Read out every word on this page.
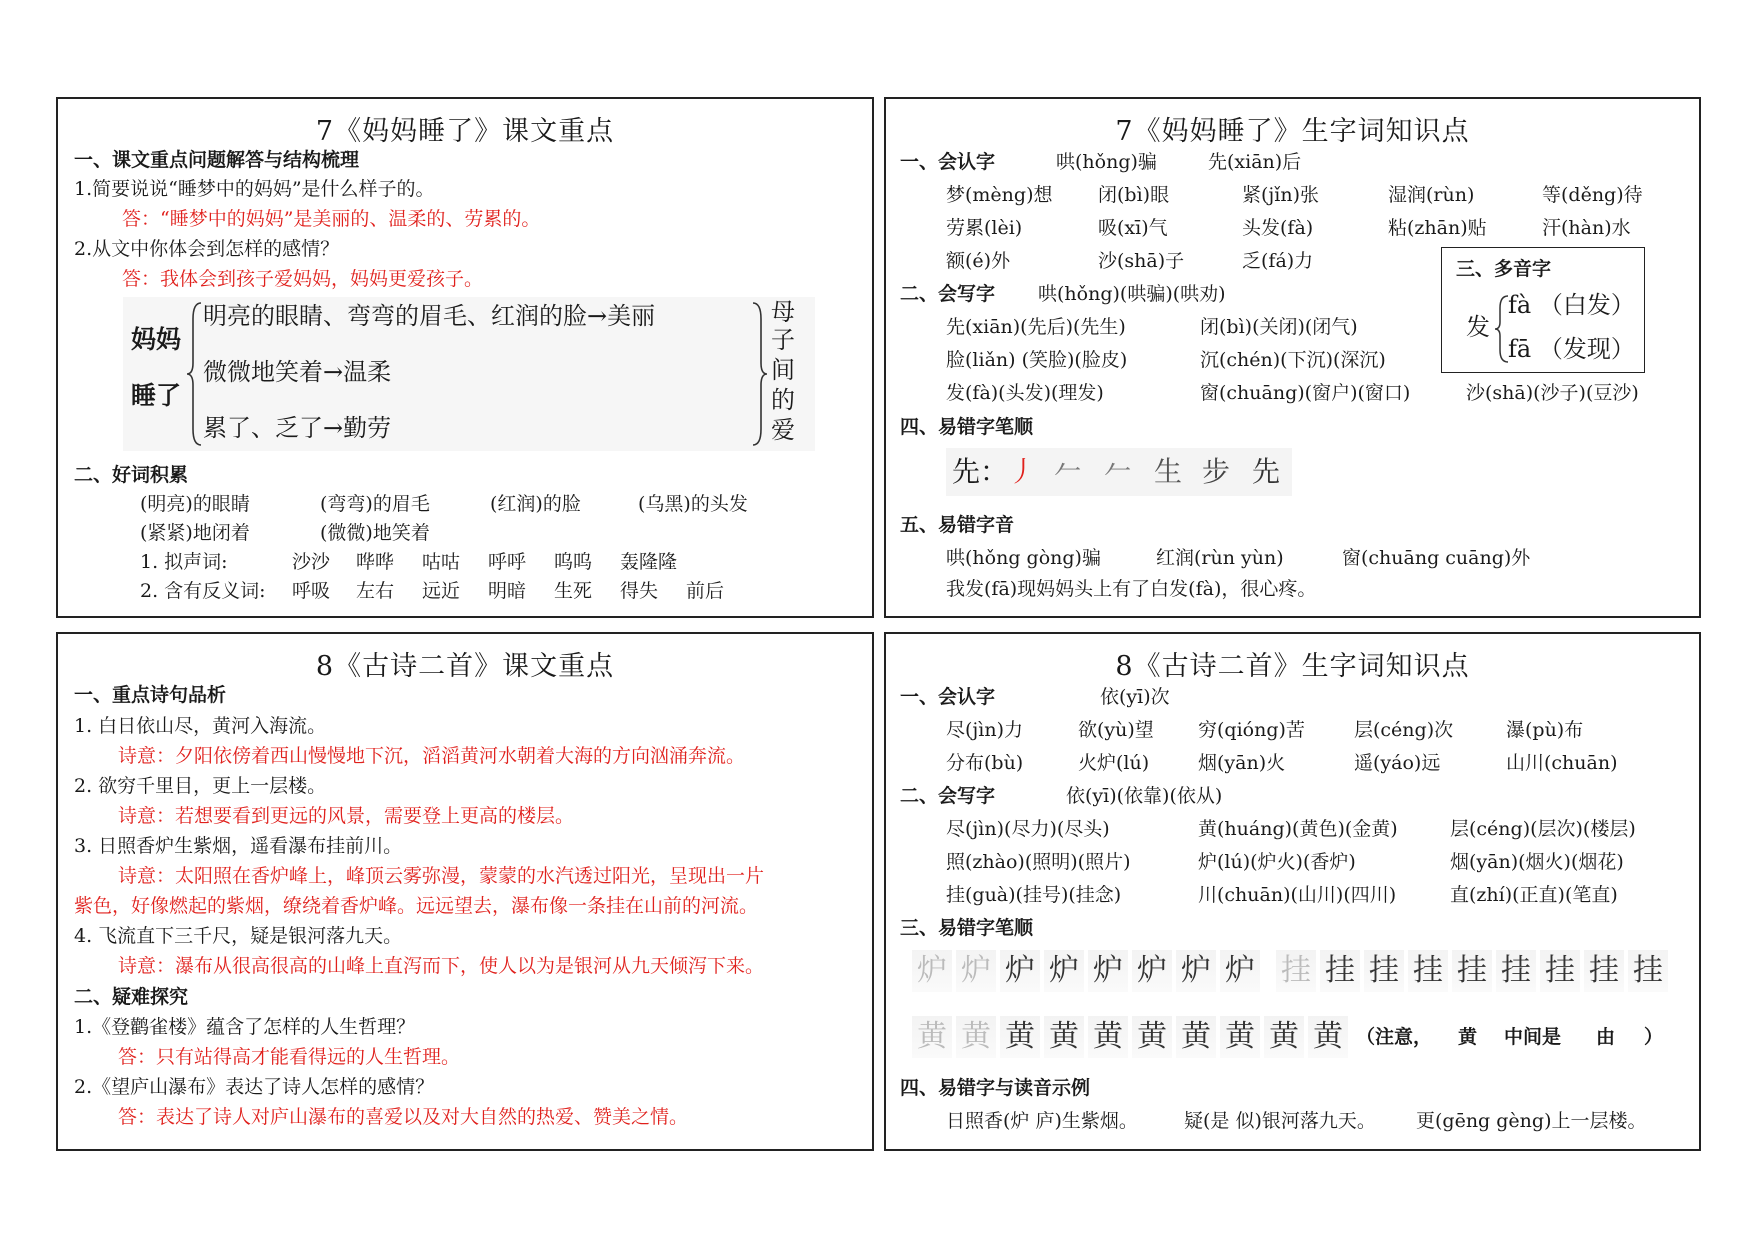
7《妈妈睡了》课文重点
一、课文重点问题解答与结构梳理
1.简要说说“睡梦中的妈妈”是什么样子的。
答：“睡梦中的妈妈”是美丽的、温柔的、劳累的。
2.从文中你体会到怎样的感情？
答：我体会到孩子爱妈妈，妈妈更爱孩子。
妈妈
睡了
明亮的眼睛、弯弯的眉毛、红润的脸→美丽
微微地笑着→温柔
累了、乏了→勤劳
母
子
间
的
爱
二、好词积累
(明亮)的眼睛	(弯弯)的眉毛	(红润)的脸	(乌黑)的头发
(紧紧)地闭着	(微微)地笑着
1. 拟声词:	沙沙 哗哗 咕咕 呼呼 呜呜 轰隆隆
2. 含有反义词: 呼吸 左右 远近 明暗 生死 得失 前后
7《妈妈睡了》生字词知识点
一、会认字	哄(hǒng)骗	先(xiān)后
梦(mèng)想 闭(bì)眼	紧(jǐn)张	湿润(rùn)	等(děng)待
劳累(lèi)	吸(xī)气	头发(fà)	粘(zhān)贴	汗(hàn)水
额(é)外	沙(shā)子	乏(fá)力
二、会写字 哄(hǒng)(哄骗)(哄劝)
先(xiān)(先后)(先生)	闭(bì)(关闭)(闭气)
脸(liǎn) (笑脸)(脸皮)	沉(chén)(下沉)(深沉)
发(fà)(头发)(理发)	窗(chuāng)(窗户)(窗口)	沙(shā)(沙子)(豆沙)
三、多音字
发
fà （白发）
fā （发现）
四、易错字笔顺
先： 丿 𠂉 𠂉 生 步 先
五、易错字音
哄(hǒng gòng)骗	红润(rùn yùn)	窗(chuāng cuāng)外
我发(fā)现妈妈头上有了白发(fà)，很心疼。
8《古诗二首》课文重点
一、重点诗句品析
1. 白日依山尽，黄河入海流。
诗意：夕阳依傍着西山慢慢地下沉，滔滔黄河水朝着大海的方向汹涌奔流。
2. 欲穷千里目，更上一层楼。
诗意：若想要看到更远的风景，需要登上更高的楼层。
3. 日照香炉生紫烟，遥看瀑布挂前川。
诗意：太阳照在香炉峰上，峰顶云雾弥漫，蒙蒙的水汽透过阳光，呈现出一片
紫色，好像燃起的紫烟，缭绕着香炉峰。远远望去，瀑布像一条挂在山前的河流。
4. 飞流直下三千尺，疑是银河落九天。
诗意：瀑布从很高很高的山峰上直泻而下，使人以为是银河从九天倾泻下来。
二、疑难探究
1.《登鹳雀楼》蕴含了怎样的人生哲理？
答：只有站得高才能看得远的人生哲理。
2.《望庐山瀑布》表达了诗人怎样的感情？
答：表达了诗人对庐山瀑布的喜爱以及对大自然的热爱、赞美之情。
8《古诗二首》生字词知识点
一、会认字	依(yī)次
尽(jìn)力	欲(yù)望 穷(qióng)苦	层(céng)次	瀑(pù)布
分布(bù)	火炉(lú)	烟(yān)火	遥(yáo)远	山川(chuān)
二、会写字	依(yī)(依靠)(依从)
尽(jìn)(尽力)(尽头)	黄(huáng)(黄色)(金黄)	层(céng)(层次)(楼层)
照(zhào)(照明)(照片)	炉(lú)(炉火)(香炉)	烟(yān)(烟火)(烟花)
挂(guà)(挂号)(挂念)	川(chuān)(山川)(四川)	直(zhí)(正直)(笔直)
三、易错字笔顺
炉 炉 炉 炉 炉 炉 炉 炉 挂 挂 挂 挂 挂 挂 挂 挂 挂
黄 黄 黄 黄 黄 黄 黄 黄 黄 黄 （注意， 黄 中间是 由 ）
四、易错字与读音示例
日照香(炉 庐)生紫烟。 疑(是 似)银河落九天。 更(gēng gèng)上一层楼。
